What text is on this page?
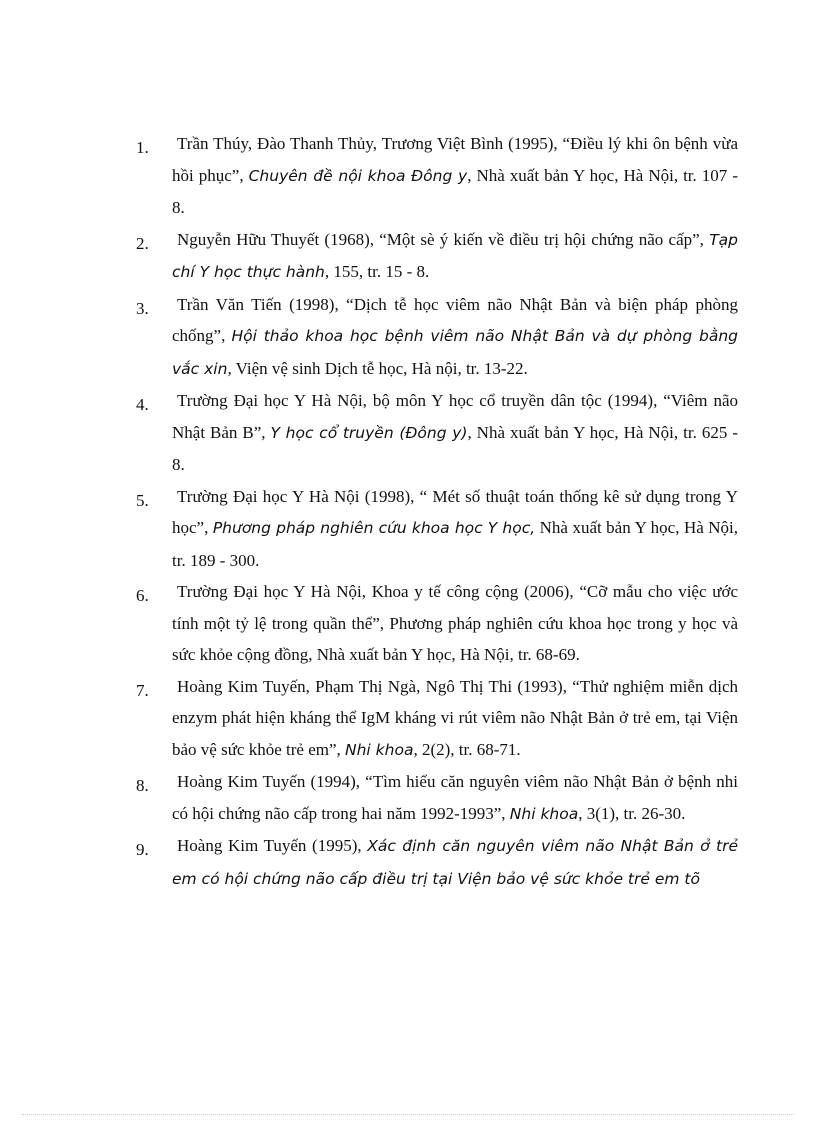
1.	Trần Thúy, Đào Thanh Thủy, Trương Việt Bình (1995), “Điều lý khi ôn bệnh vừa hồi phục”, Chuyên đề nội khoa Đông y, Nhà xuất bản Y học, Hà Nội, tr. 107 - 8.
2.	Nguyễn Hữu Thuyết (1968), “Một sè ý kiến về điều trị hội chứng não cấp”, Tạp chí Y học thực hành, 155, tr. 15 - 8.
3.	Trần Văn Tiến (1998), “Dịch tễ học viêm não Nhật Bản và biện pháp phòng chống”, Hội thảo khoa học bệnh viêm não Nhật Bản và dự phòng bằng vắc xin, Viện vệ sinh Dịch tễ học, Hà nội, tr. 13-22.
4.	Trường Đại học Y Hà Nội, bộ môn Y học cổ truyền dân tộc (1994), “Viêm não Nhật Bản B”, Y học cổ truyền (Đông y), Nhà xuất bản Y học, Hà Nội, tr. 625 - 8.
5.	Trường Đại học Y Hà Nội (1998), “ Mét số thuật toán thống kê sử dụng trong Y học”, Phương pháp nghiên cứu khoa học Y học, Nhà xuất bản Y học, Hà Nội, tr. 189 - 300.
6.	Trường Đại học Y Hà Nội, Khoa y tế công cộng (2006), “Cỡ mẫu cho việc ước tính một tỷ lệ trong quần thể”, Phương pháp nghiên cứu khoa học trong y học và sức khỏe cộng đồng, Nhà xuất bản Y học, Hà Nội, tr. 68-69.
7.	Hoàng Kim Tuyến, Phạm Thị Ngà, Ngô Thị Thi (1993), “Thử nghiệm miễn dịch enzym phát hiện kháng thể IgM kháng vi rút viêm não Nhật Bản ở trẻ em, tại Viện bảo vệ sức khỏe trẻ em”, Nhi khoa, 2(2), tr. 68-71.
8.	Hoàng Kim Tuyến (1994), “Tìm hiểu căn nguyên viêm não Nhật Bản ở bệnh nhi có hội chứng não cấp trong hai năm 1992-1993”, Nhi khoa, 3(1), tr. 26-30.
9.	Hoàng Kim Tuyến (1995), Xác định căn nguyên viêm não Nhật Bản ở trẻ em có hội chứng não cấp điều trị tại Viện bảo vệ sức khỏe trẻ em tõ
